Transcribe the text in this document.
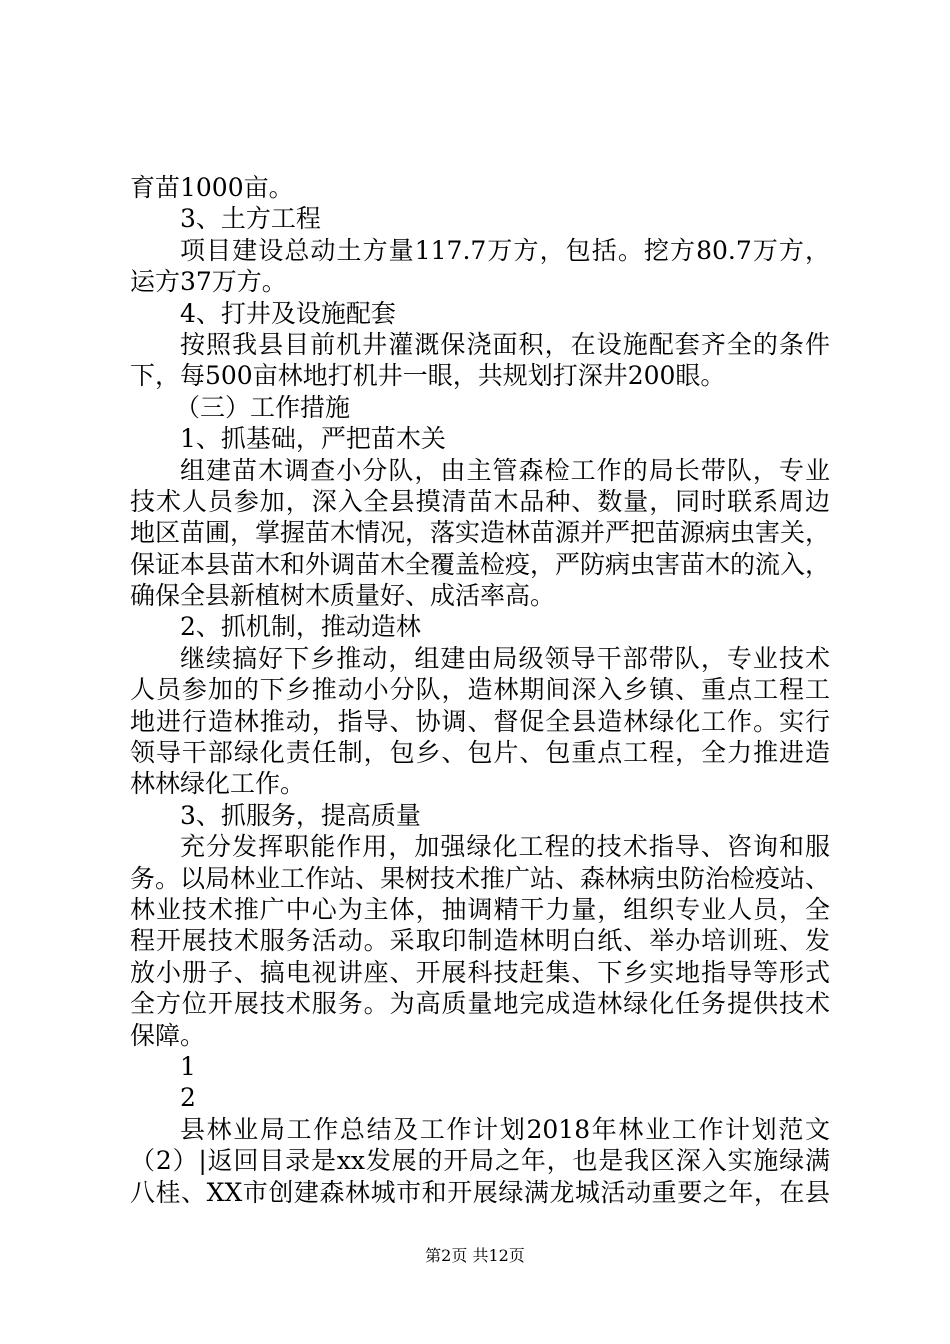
育苗1000亩。
3、土方工程
项目建设总动土方量117.7万方，包括。挖方80.7万方，
运方37万方。
4、打井及设施配套
按照我县目前机井灌溉保浇面积，在设施配套齐全的条件
下，每500亩林地打机井一眼，共规划打深井200眼。
（三）工作措施
1、抓基础，严把苗木关
组建苗木调查小分队，由主管森检工作的局长带队，专业
技术人员参加，深入全县摸清苗木品种、数量，同时联系周边
地区苗圃，掌握苗木情况，落实造林苗源并严把苗源病虫害关，
保证本县苗木和外调苗木全覆盖检疫，严防病虫害苗木的流入，
确保全县新植树木质量好、成活率高。
2、抓机制，推动造林
继续搞好下乡推动，组建由局级领导干部带队，专业技术
人员参加的下乡推动小分队，造林期间深入乡镇、重点工程工
地进行造林推动，指导、协调、督促全县造林绿化工作。实行
领导干部绿化责任制，包乡、包片、包重点工程，全力推进造
林林绿化工作。
3、抓服务，提高质量
充分发挥职能作用，加强绿化工程的技术指导、咨询和服
务。以局林业工作站、果树技术推广站、森林病虫防治检疫站、
林业技术推广中心为主体，抽调精干力量，组织专业人员，全
程开展技术服务活动。采取印制造林明白纸、举办培训班、发
放小册子、搞电视讲座、开展科技赶集、下乡实地指导等形式
全方位开展技术服务。为高质量地完成造林绿化任务提供技术
保障。
1
2
县林业局工作总结及工作计划2018年林业工作计划范文
（2）|返回目录是xx发展的开局之年，也是我区深入实施绿满
八桂、XX市创建森林城市和开展绿满龙城活动重要之年，在县
第2页 共12页
